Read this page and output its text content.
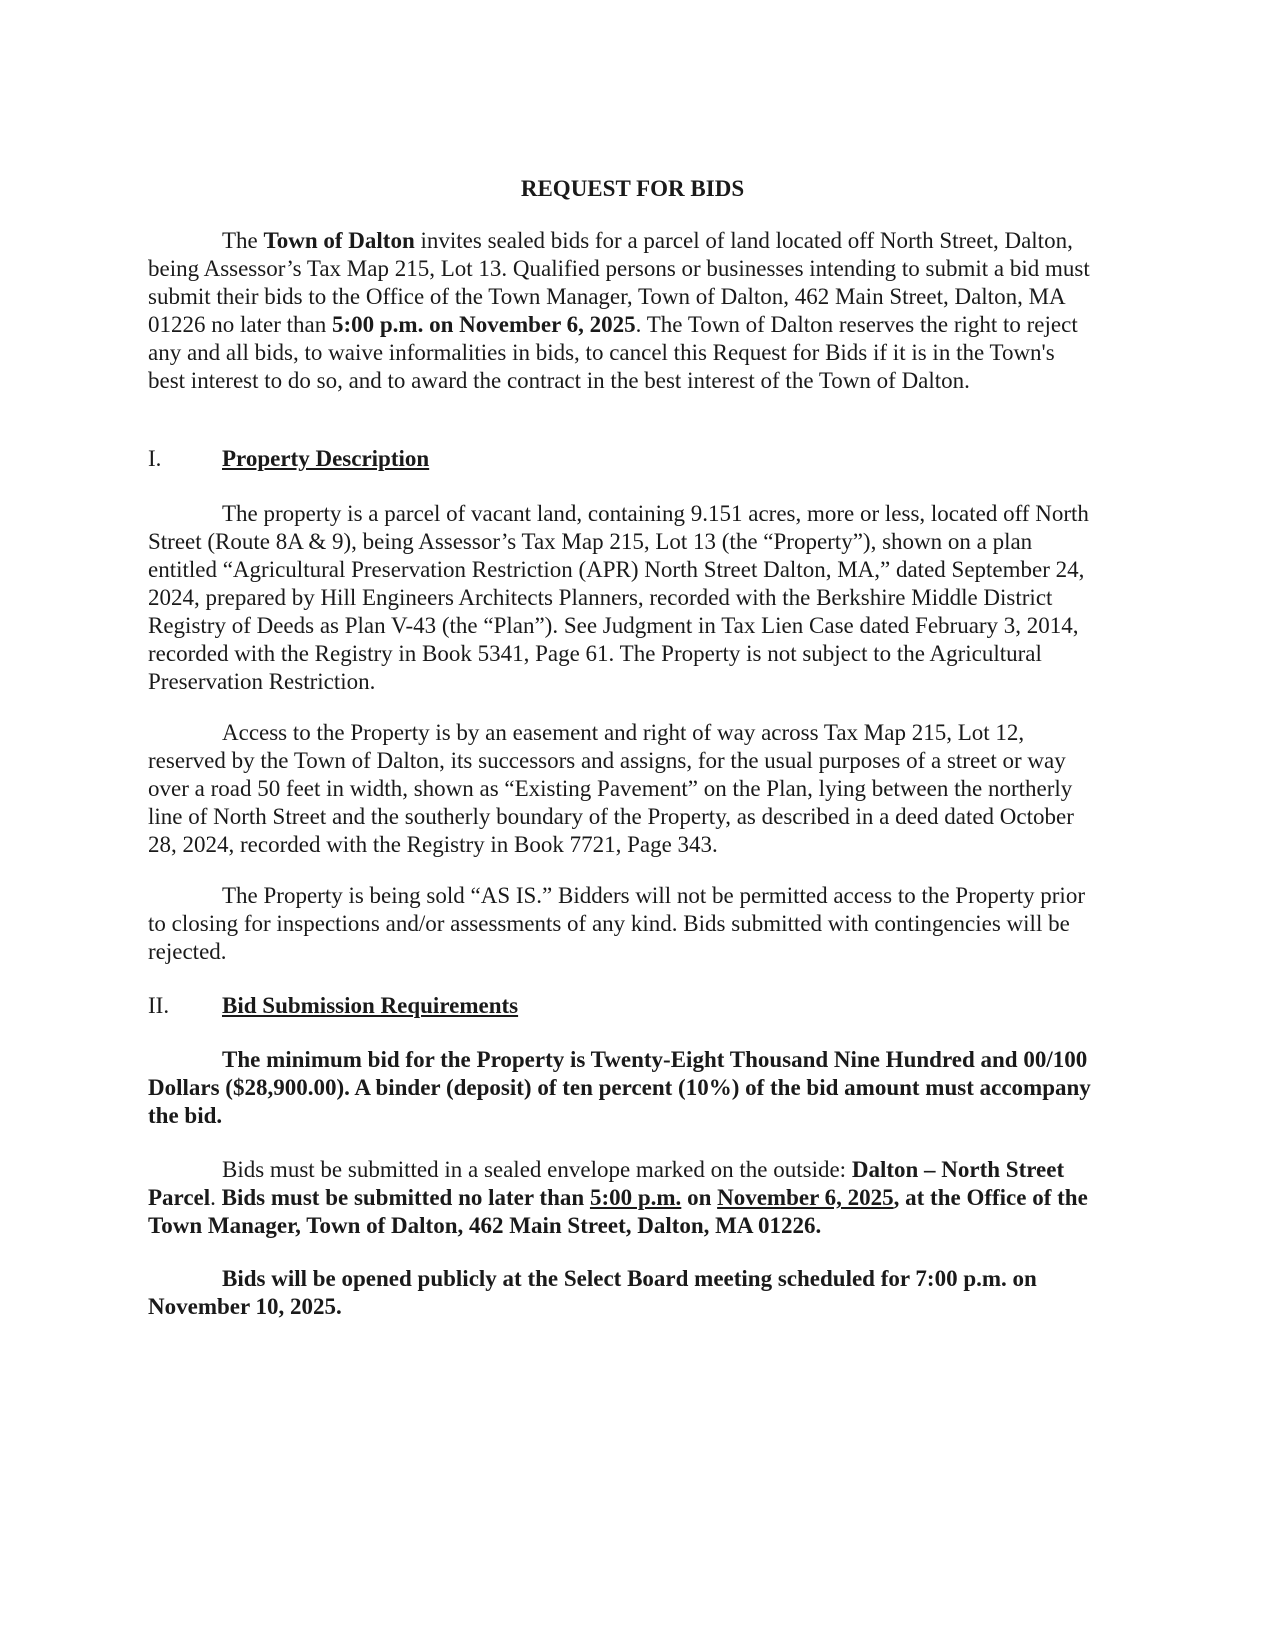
REQUEST FOR BIDS

The Town of Dalton invites sealed bids for a parcel of land located off North Street, Dalton, being Assessor’s Tax Map 215, Lot 13. Qualified persons or businesses intending to submit a bid must submit their bids to the Office of the Town Manager, Town of Dalton, 462 Main Street, Dalton, MA 01226 no later than 5:00 p.m. on November 6, 2025. The Town of Dalton reserves the right to reject any and all bids, to waive informalities in bids, to cancel this Request for Bids if it is in the Town's best interest to do so, and to award the contract in the best interest of the Town of Dalton.

I.	Property Description

The property is a parcel of vacant land, containing 9.151 acres, more or less, located off North Street (Route 8A & 9), being Assessor’s Tax Map 215, Lot 13 (the “Property”), shown on a plan entitled “Agricultural Preservation Restriction (APR) North Street Dalton, MA,” dated September 24, 2024, prepared by Hill Engineers Architects Planners, recorded with the Berkshire Middle District Registry of Deeds as Plan V-43 (the “Plan”). See Judgment in Tax Lien Case dated February 3, 2014, recorded with the Registry in Book 5341, Page 61. The Property is not subject to the Agricultural Preservation Restriction.

Access to the Property is by an easement and right of way across Tax Map 215, Lot 12, reserved by the Town of Dalton, its successors and assigns, for the usual purposes of a street or way over a road 50 feet in width, shown as “Existing Pavement” on the Plan, lying between the northerly line of North Street and the southerly boundary of the Property, as described in a deed dated October 28, 2024, recorded with the Registry in Book 7721, Page 343.

The Property is being sold “AS IS.” Bidders will not be permitted access to the Property prior to closing for inspections and/or assessments of any kind. Bids submitted with contingencies will be rejected.

II. Bid Submission Requirements

The minimum bid for the Property is Twenty-Eight Thousand Nine Hundred and 00/100 Dollars ($28,900.00). A binder (deposit) of ten percent (10%) of the bid amount must accompany the bid.

Bids must be submitted in a sealed envelope marked on the outside: Dalton – North Street Parcel. Bids must be submitted no later than 5:00 p.m. on November 6, 2025, at the Office of the Town Manager, Town of Dalton, 462 Main Street, Dalton, MA 01226.

Bids will be opened publicly at the Select Board meeting scheduled for 7:00 p.m. on November 10, 2025.
